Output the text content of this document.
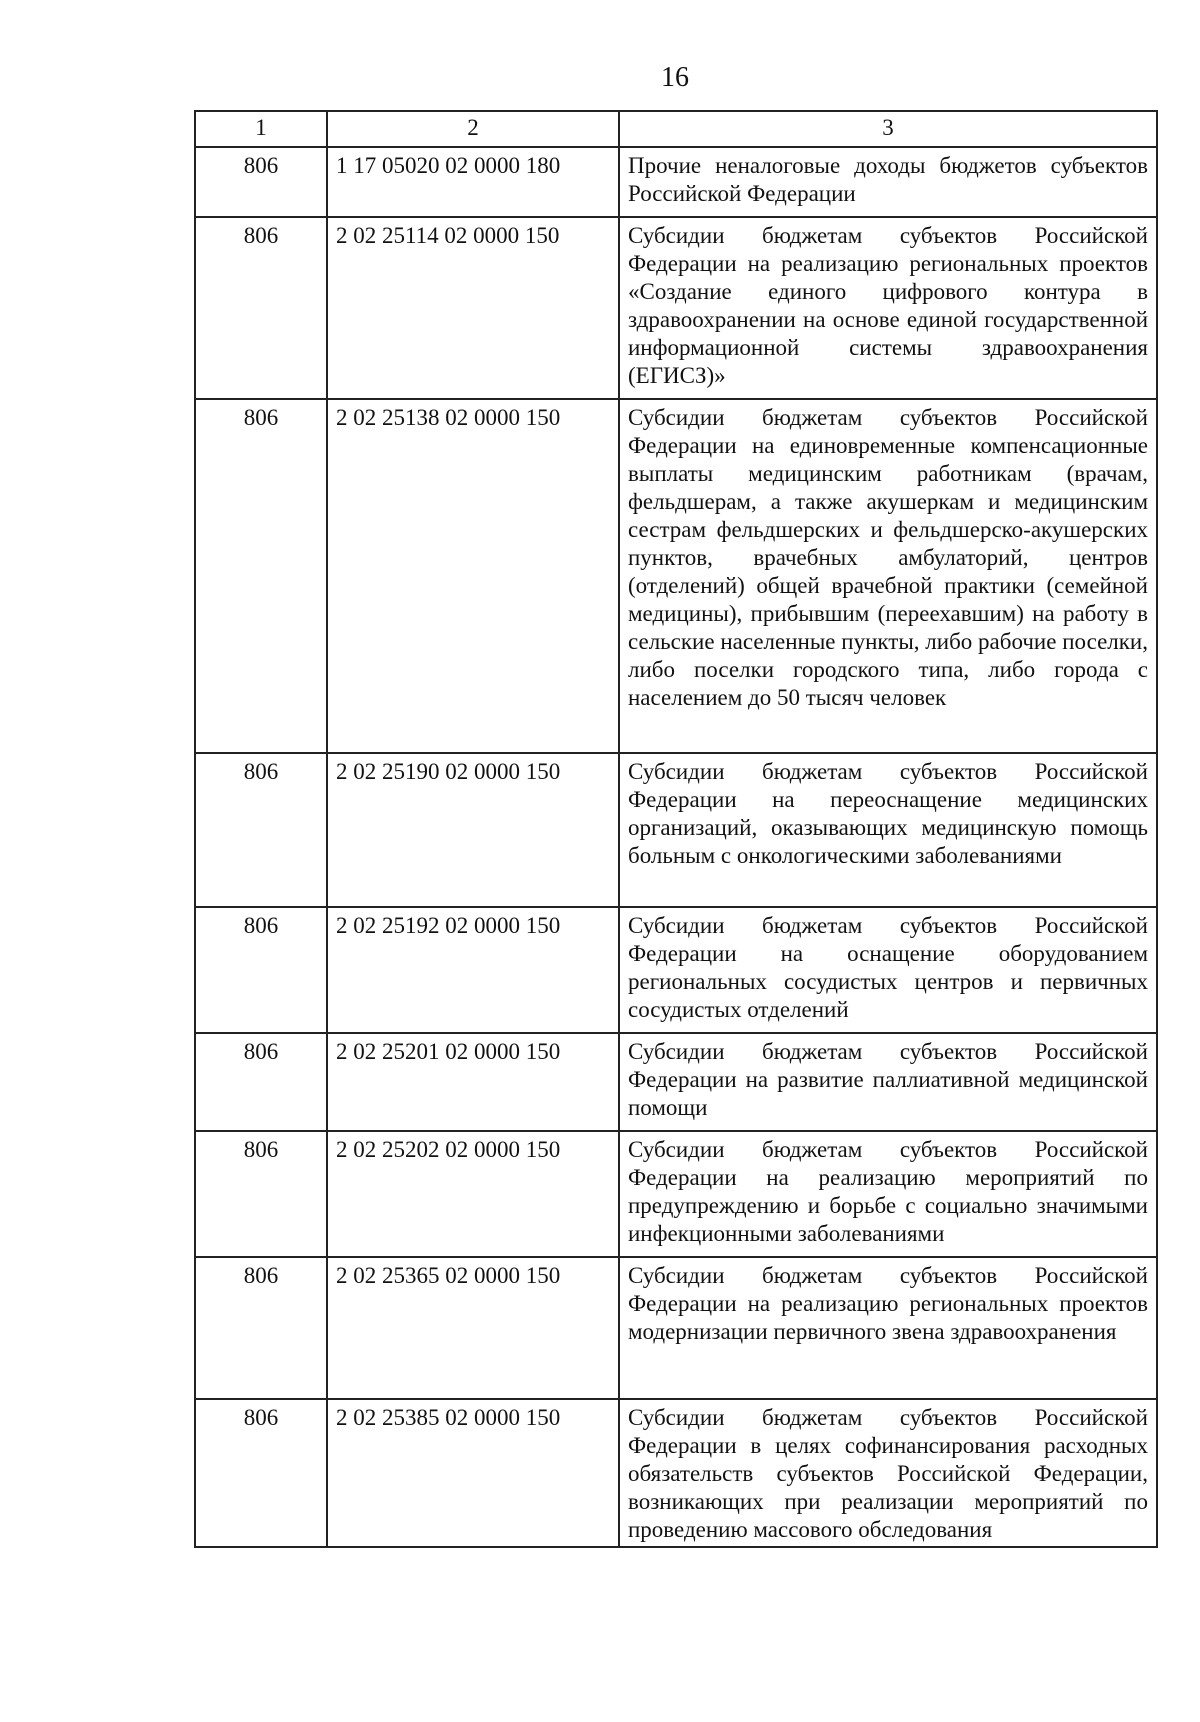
16
1	2	3
806	1 17 05020 02 0000 180	Прочие неналоговые доходы бюджетов субъектов Российской Федерации
806	2 02 25114 02 0000 150	Субсидии бюджетам субъектов Российской Федерации на реализацию региональных проектов «Создание единого цифрового контура в здравоохранении на основе единой государственной информационной системы здравоохранения (ЕГИСЗ)»
806	2 02 25138 02 0000 150	Субсидии бюджетам субъектов Российской Федерации на единовременные компенсационные выплаты медицинским работникам (врачам, фельдшерам, а также акушеркам и медицинским сестрам фельдшерских и фельдшерско-акушерских пунктов, врачебных амбулаторий, центров (отделений) общей врачебной практики (семейной медицины), прибывшим (переехавшим) на работу в сельские населенные пункты, либо рабочие поселки, либо поселки городского типа, либо города с населением до 50 тысяч человек
806	2 02 25190 02 0000 150	Субсидии бюджетам субъектов Российской Федерации на переоснащение медицинских организаций, оказывающих медицинскую помощь больным с онкологическими заболеваниями
806	2 02 25192 02 0000 150	Субсидии бюджетам субъектов Российской Федерации на оснащение оборудованием региональных сосудистых центров и первичных сосудистых отделений
806	2 02 25201 02 0000 150	Субсидии бюджетам субъектов Российской Федерации на развитие паллиативной медицинской помощи
806	2 02 25202 02 0000 150	Субсидии бюджетам субъектов Российской Федерации на реализацию мероприятий по предупреждению и борьбе с социально значимыми инфекционными заболеваниями
806	2 02 25365 02 0000 150	Субсидии бюджетам субъектов Российской Федерации на реализацию региональных проектов модернизации первичного звена здравоохранения
806	2 02 25385 02 0000 150	Субсидии бюджетам субъектов Российской Федерации в целях софинансирования расходных обязательств субъектов Российской Федерации, возникающих при реализации мероприятий по проведению массового обследования
